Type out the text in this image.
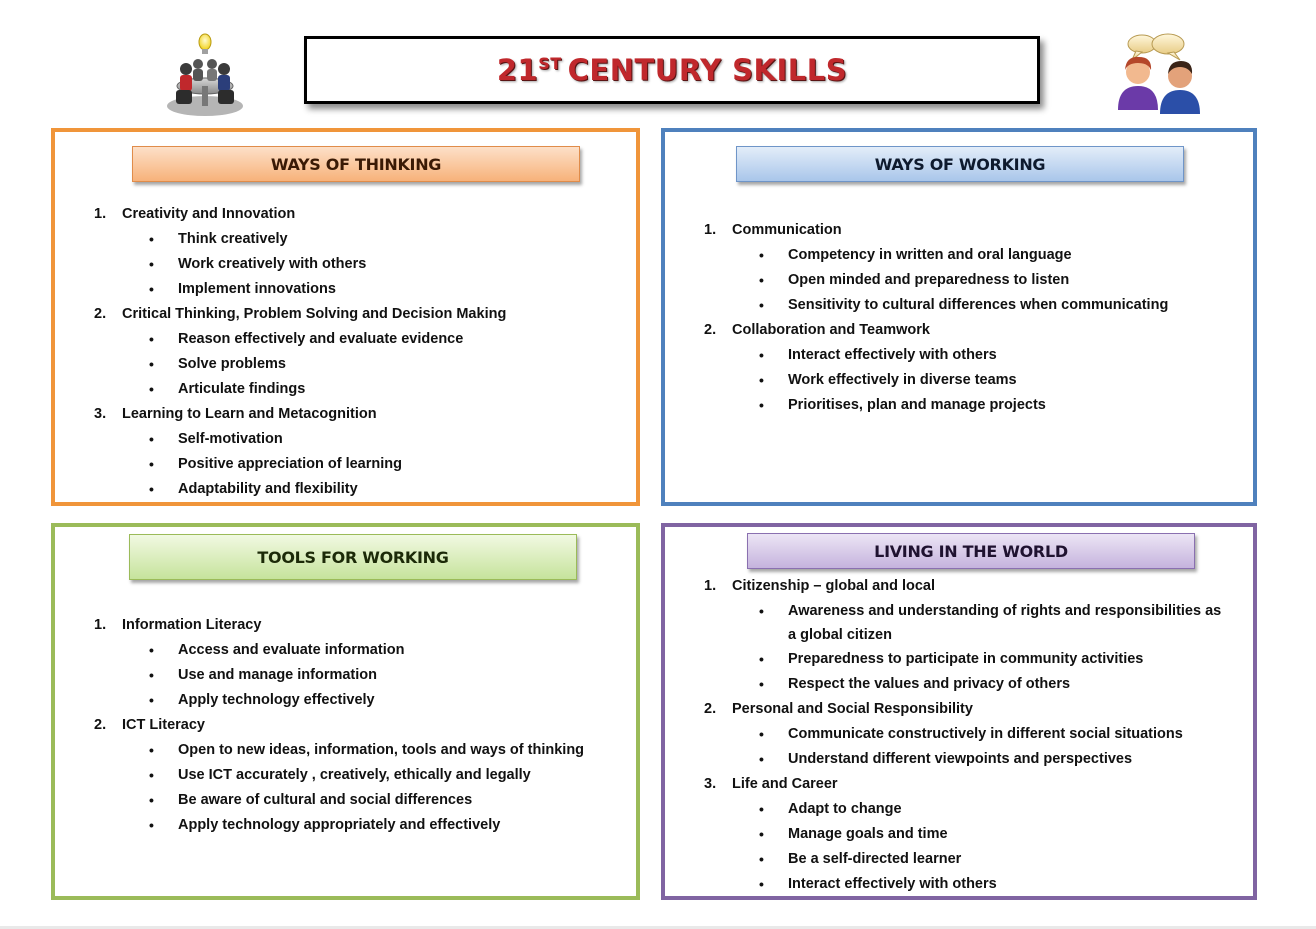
21ST CENTURY SKILLS
WAYS OF THINKING
1. Creativity and Innovation
• Think creatively
• Work creatively with others
• Implement innovations
2. Critical Thinking, Problem Solving and Decision Making
• Reason effectively and evaluate evidence
• Solve problems
• Articulate findings
3. Learning to Learn and Metacognition
• Self-motivation
• Positive appreciation of learning
• Adaptability and flexibility
WAYS OF WORKING
1. Communication
• Competency in written and oral language
• Open minded and preparedness to listen
• Sensitivity to cultural differences when communicating
2. Collaboration and Teamwork
• Interact effectively with others
• Work effectively in diverse teams
• Prioritises, plan and manage projects
TOOLS FOR WORKING
1. Information Literacy
• Access and evaluate information
• Use and manage information
• Apply technology effectively
2. ICT Literacy
• Open to new ideas, information, tools and ways of thinking
• Use ICT accurately , creatively, ethically and legally
• Be aware of cultural and social differences
• Apply technology appropriately and effectively
LIVING IN THE WORLD
1. Citizenship – global and local
• Awareness and understanding of rights and responsibilities as a global citizen
• Preparedness to participate in community activities
• Respect the values and privacy of others
2. Personal and Social Responsibility
• Communicate constructively in different social situations
• Understand different viewpoints and perspectives
3. Life and Career
• Adapt to change
• Manage goals and time
• Be a self-directed learner
• Interact effectively with others
